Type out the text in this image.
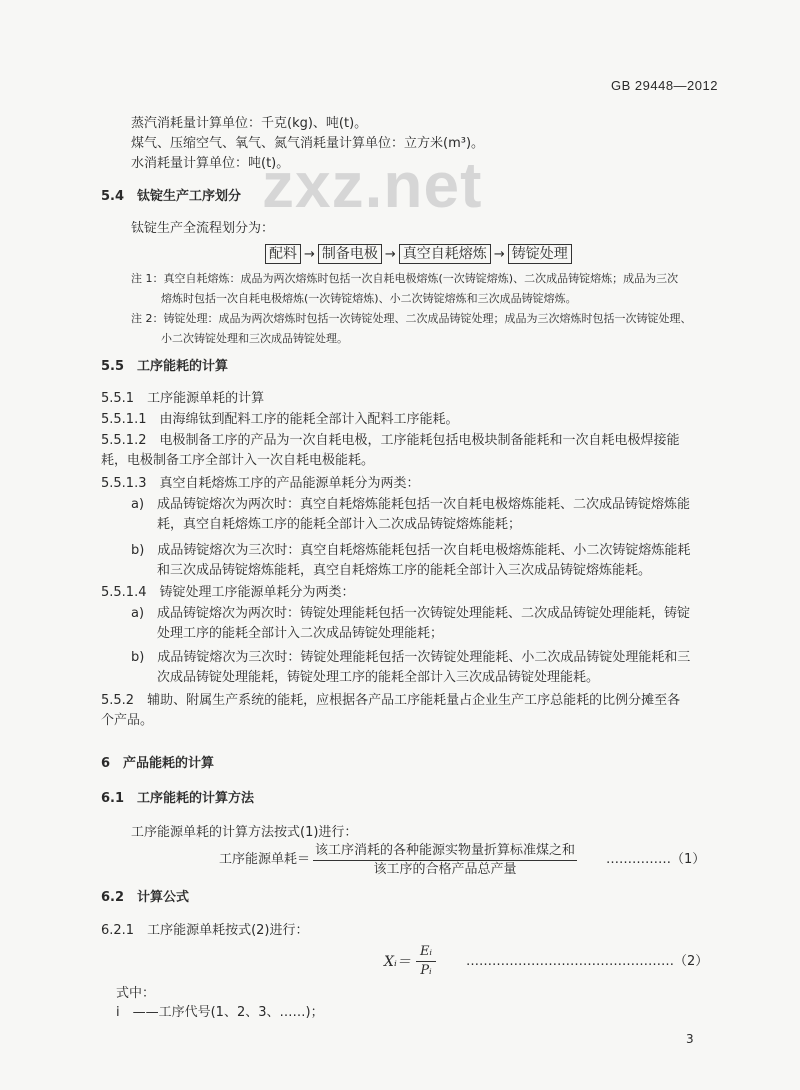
GB 29448—2012
zxz.net
蒸汽消耗量计算单位：千克(kg)、吨(t)。
煤气、压缩空气、氧气、氮气消耗量计算单位：立方米(m³)。
水消耗量计算单位：吨(t)。
5.4　钛锭生产工序划分
钛锭生产全流程划分为：
配料 → 制备电极 → 真空自耗熔炼 → 铸锭处理
注 1：真空自耗熔炼：成品为两次熔炼时包括一次自耗电极熔炼(一次铸锭熔炼)、二次成品铸锭熔炼；成品为三次
熔炼时包括一次自耗电极熔炼(一次铸锭熔炼)、小二次铸锭熔炼和三次成品铸锭熔炼。
注 2：铸锭处理：成品为两次熔炼时包括一次铸锭处理、二次成品铸锭处理；成品为三次熔炼时包括一次铸锭处理、
小二次铸锭处理和三次成品铸锭处理。
5.5　工序能耗的计算
5.5.1　工序能源单耗的计算
5.5.1.1　由海绵钛到配料工序的能耗全部计入配料工序能耗。
5.5.1.2　电极制备工序的产品为一次自耗电极，工序能耗包括电极块制备能耗和一次自耗电极焊接能
耗，电极制备工序全部计入一次自耗电极能耗。
5.5.1.3　真空自耗熔炼工序的产品能源单耗分为两类：
a)　成品铸锭熔次为两次时：真空自耗熔炼能耗包括一次自耗电极熔炼能耗、二次成品铸锭熔炼能
耗，真空自耗熔炼工序的能耗全部计入二次成品铸锭熔炼能耗；
b)　成品铸锭熔次为三次时：真空自耗熔炼能耗包括一次自耗电极熔炼能耗、小二次铸锭熔炼能耗
和三次成品铸锭熔炼能耗，真空自耗熔炼工序的能耗全部计入三次成品铸锭熔炼能耗。
5.5.1.4　铸锭处理工序能源单耗分为两类：
a)　成品铸锭熔次为两次时：铸锭处理能耗包括一次铸锭处理能耗、二次成品铸锭处理能耗，铸锭
处理工序的能耗全部计入二次成品铸锭处理能耗；
b)　成品铸锭熔次为三次时：铸锭处理能耗包括一次铸锭处理能耗、小二次成品铸锭处理能耗和三
次成品铸锭处理能耗，铸锭处理工序的能耗全部计入三次成品铸锭处理能耗。
5.5.2　辅助、附属生产系统的能耗，应根据各产品工序能耗量占企业生产工序总能耗的比例分摊至各
个产品。
6　产品能耗的计算
6.1　工序能耗的计算方法
工序能源单耗的计算方法按式(1)进行：
工序能源单耗＝
该工序消耗的各种能源实物量折算标准煤之和
该工序的合格产品总产量
……………（1）
6.2　计算公式
6.2.1　工序能源单耗按式(2)进行：
Xᵢ＝ $\frac{\text{Eᵢ}}{\text{Pᵢ}}$ …………………………………………（2）
式中：
i　——工序代号(1、2、3、……)；
3
